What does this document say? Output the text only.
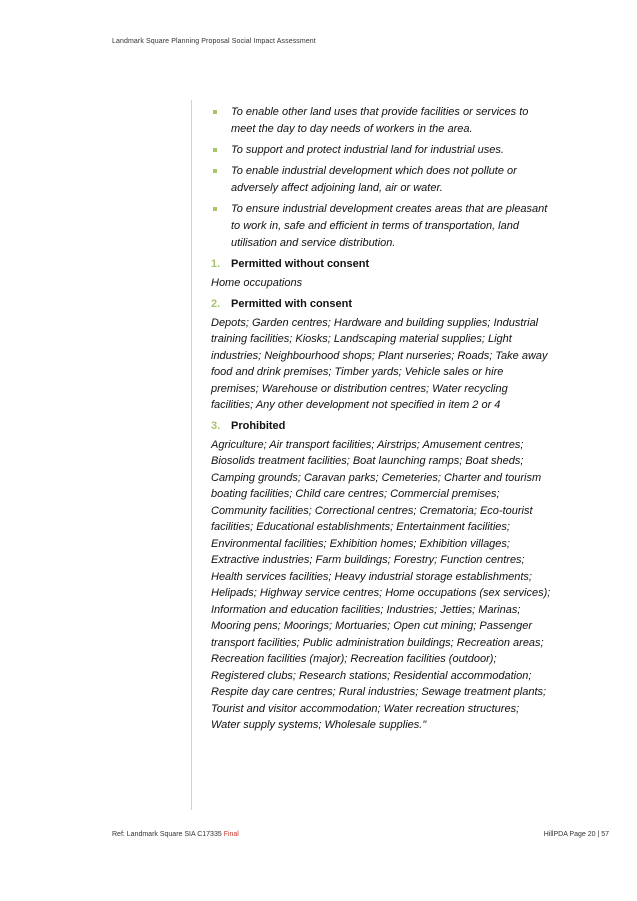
Landmark Square Planning Proposal Social Impact Assessment
To enable other land uses that provide facilities or services to meet the day to day needs of workers in the area.
To support and protect industrial land for industrial uses.
To enable industrial development which does not pollute or adversely affect adjoining land, air or water.
To ensure industrial development creates areas that are pleasant to work in, safe and efficient in terms of transportation, land utilisation and service distribution.
1. Permitted without consent

Home occupations

2. Permitted with consent

Depots; Garden centres; Hardware and building supplies; Industrial training facilities; Kiosks; Landscaping material supplies; Light industries; Neighbourhood shops; Plant nurseries; Roads; Take away food and drink premises; Timber yards; Vehicle sales or hire premises; Warehouse or distribution centres; Water recycling facilities; Any other development not specified in item 2 or 4

3. Prohibited

Agriculture; Air transport facilities; Airstrips; Amusement centres; Biosolids treatment facilities; Boat launching ramps; Boat sheds; Camping grounds; Caravan parks; Cemeteries; Charter and tourism boating facilities; Child care centres; Commercial premises; Community facilities; Correctional centres; Crematoria; Eco-tourist facilities; Educational establishments; Entertainment facilities; Environmental facilities; Exhibition homes; Exhibition villages; Extractive industries; Farm buildings; Forestry; Function centres; Health services facilities; Heavy industrial storage establishments; Helipads; Highway service centres; Home occupations (sex services); Information and education facilities; Industries; Jetties; Marinas; Mooring pens; Moorings; Mortuaries; Open cut mining; Passenger transport facilities; Public administration buildings; Recreation areas; Recreation facilities (major); Recreation facilities (outdoor); Registered clubs; Research stations; Residential accommodation; Respite day care centres; Rural industries; Sewage treatment plants; Tourist and visitor accommodation; Water recreation structures; Water supply systems; Wholesale supplies."

Ref: Landmark Square SIA C17335 Final	HillPDA Page 20 | 57
